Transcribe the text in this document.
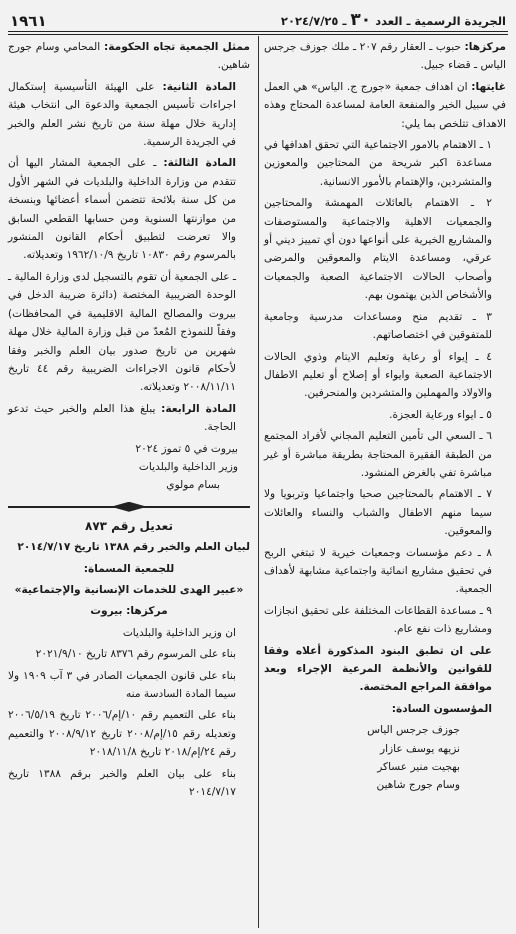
الجريدة الرسمية ـ العدد ٣٠ ـ ٢٠٢٤/٧/٢٥
١٩٦١

مركزها: حبوب ـ العقار رقم ٢٠٧ ـ ملك جوزف جرجس الياس ـ قضاء جبيل.

غايتها: ان اهداف جمعية «جورج ج. الياس» هي العمل في سبيل الخير والمنفعة العامة لمساعدة المحتاج وهذه الاهداف تتلخص بما يلي:

١ ـ الاهتمام بالامور الاجتماعية التي تحقق اهدافها في مساعدة اكبر شريحة من المحتاجين والمعوزين والمتشردين، والإهتمام بالأمور الانسانية.

٢ ـ الاهتمام بالعائلات المهمشة والمحتاجين والجمعيات الاهلية والاجتماعية والمستوصفات والمشاريع الخيرية على أنواعها دون أي تمييز ديني أو عرقي، ومساعدة الايتام والمعوقين والمرضى وأصحاب الحالات الاجتماعية الصعبة والجمعيات والأشخاص الذين يهتمون بهم.

٣ ـ تقديم منح ومساعدات مدرسية وجامعية للمتفوقين في اختصاصاتهم.

٤ ـ إيواء أو رعاية وتعليم الايتام وذوي الحالات الاجتماعية الصعبة وايواء أو إصلاح أو تعليم الاطفال والاولاد والمهملين والمتشردين والمنحرفين.

٥ ـ ايواء ورعاية العجزة.

٦ ـ السعي الى تأمين التعليم المجاني لأفراد المجتمع من الطبقة الفقيرة المحتاجة بطريقة مباشرة أو غير مباشرة تفي بالغرض المنشود.

٧ ـ الاهتمام بالمحتاجين صحيا واجتماعيا وتربويا ولا سيما منهم الاطفال والشباب والنساء والعائلات والمعوقين.

٨ ـ دعم مؤسسات وجمعيات خيرية لا تبتغي الربح في تحقيق مشاريع انمائية واجتماعية مشابهة لأهداف الجمعية.

٩ ـ مساعدة القطاعات المختلفة على تحقيق انجازات ومشاريع ذات نفع عام.

على ان تطبق البنود المذكورة أعلاه وفقا للقوانين والأنظمة المرعية الإجراء وبعد موافقة المراجع المختصة.

المؤسسون السادة:

جوزف جرجس الياس

نزيهه يوسف عازار

بهجيت منير عساكر

وسام جورج شاهين

ممثل الجمعية تجاه الحكومة: المحامي وسام جورج شاهين.

المادة الثانية: على الهيئة التأسيسية إستكمال اجراءات تأسيس الجمعية والدعوة الى انتخاب هيئة إدارية خلال مهلة سنة من تاريخ نشر العلم والخبر في الجريدة الرسمية.

المادة الثالثة: ـ على الجمعية المشار اليها أن تتقدم من وزارة الداخلية والبلديات في الشهر الأول من كل سنة بلائحة تتضمن أسماء أعضائها وبنسخة من موازنتها السنوية ومن حسابها القطعي السابق والا تعرضت لتطبيق أحكام القانون المنشور بالمرسوم رقم ١٠٨٣٠ تاريخ ١٩٦٢/١٠/٩ وتعديلاته.

ـ على الجمعية أن تقوم بالتسجيل لدى وزارة المالية ـ الوحدة الضريبية المختصة (دائرة ضريبة الدخل في بيروت والمصالح المالية الاقليمية في المحافظات) وفقاً للنموذج المُعدّ من قبل وزارة المالية خلال مهلة شهرين من تاريخ صدور بيان العلم والخبر وفقا لأحكام قانون الاجراءات الضريبية رقم ٤٤ تاريخ ٢٠٠٨/١١/١١ وتعديلاته.

المادة الرابعة: يبلغ هذا العلم والخبر حيث تدعو الحاجة.

بيروت في ٥ تموز ٢٠٢٤

وزير الداخلية والبلديات

بسام مولوي

تعديل رقم ٨٧٣

لبيان العلم والخبر رقم ١٣٨٨ تاريخ ٢٠١٤/٧/١٧

للجمعية المسماة:

«عبير الهدى للخدمات الإنسانية والإجتماعية»

مركزها: بيروت

ان وزير الداخلية والبلديات

بناء على المرسوم رقم ٨٣٧٦ تاريخ ٢٠٢١/٩/١٠

بناء على قانون الجمعيات الصادر في ٣ آب ١٩٠٩ ولا سيما المادة السادسة منه

بناء على التعميم رقم ١٠/إم/٢٠٠٦ تاريخ ٢٠٠٦/٥/١٩ وتعديله رقم ١٥/إم/٢٠٠٨ تاريخ ٢٠٠٨/٩/١٢ والتعميم رقم ٢٤/إم/٢٠١٨ تاريخ ٢٠١٨/١١/٨

بناء على بيان العلم والخبر برقم ١٣٨٨ تاريخ ٢٠١٤/٧/١٧
